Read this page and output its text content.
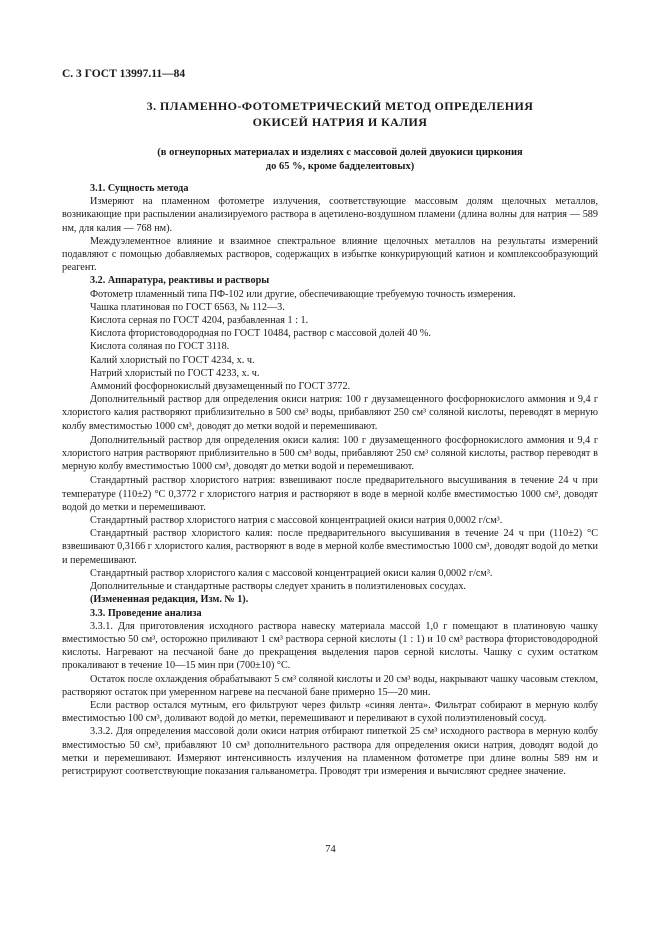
С. 3 ГОСТ 13997.11—84
3. ПЛАМЕННО-ФОТОМЕТРИЧЕСКИЙ МЕТОД ОПРЕДЕЛЕНИЯ
ОКИСЕЙ НАТРИЯ И КАЛИЯ
(в огнеупорных материалах и изделиях с массовой долей двуокиси циркония
до 65 %, кроме бадделеитовых)

3.1. Сущность метода

Измеряют на пламенном фотометре излучения, соответствующие массовым долям щелочных металлов, возникающие при распылении анализируемого раствора в ацетилено-воздушном пламени (длина волны для натрия — 589 нм, для калия — 768 нм).

Междуэлементное влияние и взаимное спектральное влияние щелочных металлов на результаты измерений подавляют с помощью добавляемых растворов, содержащих в избытке конкурирующий катион и комплексообразующий реагент.

3.2. Аппаратура, реактивы и растворы

Фотометр пламенный типа ПФ-102 или другие, обеспечивающие требуемую точность измерения.

Чашка платиновая по ГОСТ 6563, № 112—3.

Кислота серная по ГОСТ 4204, разбавленная 1 : 1.

Кислота фтористоводородная по ГОСТ 10484, раствор с массовой долей 40 %.

Кислота соляная по ГОСТ 3118.

Калий хлористый по ГОСТ 4234, х. ч.

Натрий хлористый по ГОСТ 4233, х. ч.

Аммоний фосфорнокислый двузамещенный по ГОСТ 3772.

Дополнительный раствор для определения окиси натрия: 100 г двузамещенного фосфорнокислого аммония и 9,4 г хлористого калия растворяют приблизительно в 500 см³ воды, прибавляют 250 см³ соляной кислоты, переводят в мерную колбу вместимостью 1000 см³, доводят до метки водой и перемешивают.

Дополнительный раствор для определения окиси калия: 100 г двузамещенного фосфорнокислого аммония и 9,4 г хлористого натрия растворяют приблизительно в 500 см³ воды, прибавляют 250 см³ соляной кислоты, раствор переводят в мерную колбу вместимостью 1000 см³, доводят до метки водой и перемешивают.

Стандартный раствор хлористого натрия: взвешивают после предварительного высушивания в течение 24 ч при температуре (110±2) °С 0,3772 г хлористого натрия и растворяют в воде в мерной колбе вместимостью 1000 см³, доводят водой до метки и перемешивают.

Стандартный раствор хлористого натрия с массовой концентрацией окиси натрия 0,0002 г/см³.

Стандартный раствор хлористого калия: после предварительного высушивания в течение 24 ч при (110±2) °С взвешивают 0,3166 г хлористого калия, растворяют в воде в мерной колбе вместимостью 1000 см³, доводят водой до метки и перемешивают.

Стандартный раствор хлористого калия с массовой концентрацией окиси калия 0,0002 г/см³.

Дополнительные и стандартные растворы следует хранить в полиэтиленовых сосудах.

(Измененная редакция, Изм. № 1).

3.3. Проведение анализа

3.3.1. Для приготовления исходного раствора навеску материала массой 1,0 г помещают в платиновую чашку вместимостью 50 см³, осторожно приливают 1 см³ раствора серной кислоты (1 : 1) и 10 см³ раствора фтористоводородной кислоты. Нагревают на песчаной бане до прекращения выделения паров серной кислоты. Чашку с сухим остатком прокаливают в течение 10—15 мин при (700±10) °С.

Остаток после охлаждения обрабатывают 5 см³ соляной кислоты и 20 см³ воды, накрывают чашку часовым стеклом, растворяют остаток при умеренном нагреве на песчаной бане примерно 15—20 мин.

Если раствор остался мутным, его фильтруют через фильтр «синяя лента». Фильтрат собирают в мерную колбу вместимостью 100 см³, доливают водой до метки, перемешивают и переливают в сухой полиэтиленовый сосуд.

3.3.2. Для определения массовой доли окиси натрия отбирают пипеткой 25 см³ исходного раствора в мерную колбу вместимостью 50 см³, прибавляют 10 см³ дополнительного раствора для определения окиси натрия, доводят водой до метки и перемешивают. Измеряют интенсивность излучения на пламенном фотометре при длине волны 589 нм и регистрируют соответствующие показания гальванометра. Проводят три измерения и вычисляют среднее значение.

74
